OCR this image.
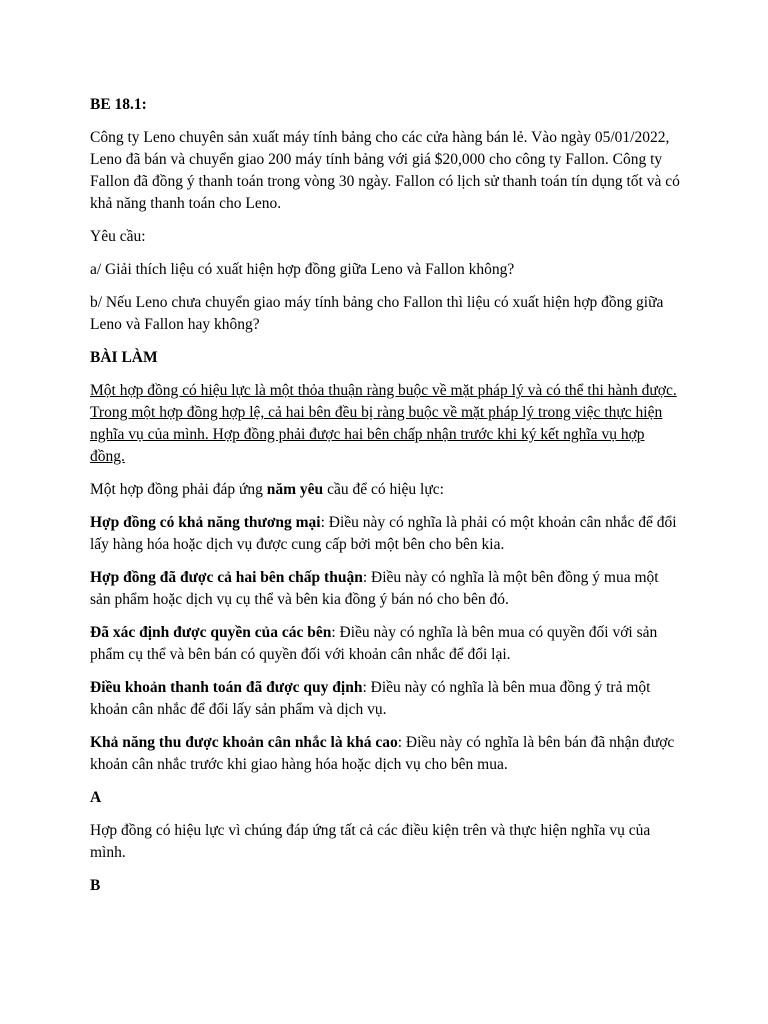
BE 18.1:

Công ty Leno chuyên sản xuất máy tính bảng cho các cửa hàng bán lẻ. Vào ngày 05/01/2022, Leno đã bán và chuyển giao 200 máy tính bảng với giá $20,000 cho công ty Fallon. Công ty Fallon đã đồng ý thanh toán trong vòng 30 ngày. Fallon có lịch sử thanh toán tín dụng tốt và có khả năng thanh toán cho Leno.

Yêu cầu:

a/ Giải thích liệu có xuất hiện hợp đồng giữa Leno và Fallon không?

b/ Nếu Leno chưa chuyển giao máy tính bảng cho Fallon thì liệu có xuất hiện hợp đồng giữa Leno và Fallon hay không?

BÀI LÀM

Một hợp đồng có hiệu lực là một thỏa thuận ràng buộc về mặt pháp lý và có thể thi hành được. Trong một hợp đồng hợp lệ, cả hai bên đều bị ràng buộc về mặt pháp lý trong việc thực hiện nghĩa vụ của mình. Hợp đồng phải được hai bên chấp nhận trước khi ký kết nghĩa vụ hợp đồng.

Một hợp đồng phải đáp ứng năm yêu cầu để có hiệu lực:

Hợp đồng có khả năng thương mại: Điều này có nghĩa là phải có một khoản cân nhắc để đổi lấy hàng hóa hoặc dịch vụ được cung cấp bởi một bên cho bên kia.

Hợp đồng đã được cả hai bên chấp thuận: Điều này có nghĩa là một bên đồng ý mua một sản phẩm hoặc dịch vụ cụ thể và bên kia đồng ý bán nó cho bên đó.

Đã xác định được quyền của các bên: Điều này có nghĩa là bên mua có quyền đối với sản phẩm cụ thể và bên bán có quyền đối với khoản cân nhắc để đổi lại.

Điều khoản thanh toán đã được quy định: Điều này có nghĩa là bên mua đồng ý trả một khoản cân nhắc để đổi lấy sản phẩm và dịch vụ.

Khả năng thu được khoản cân nhắc là khá cao: Điều này có nghĩa là bên bán đã nhận được khoản cân nhắc trước khi giao hàng hóa hoặc dịch vụ cho bên mua.

A

Hợp đồng có hiệu lực vì chúng đáp ứng tất cả các điều kiện trên và thực hiện nghĩa vụ của mình.

B
